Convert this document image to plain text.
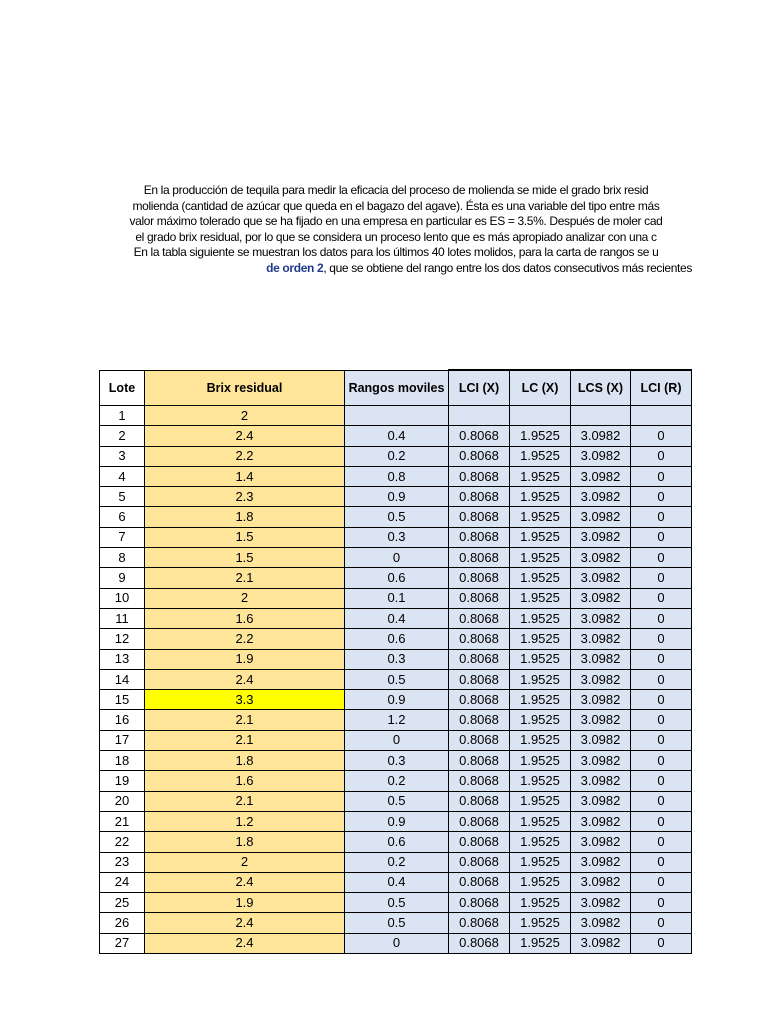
En la producción de tequila para medir la eficacia del proceso de molienda se mide el grado brix resid
molienda (cantidad de azúcar que queda en el bagazo del agave). Ésta es una variable del tipo entre más
valor máximo tolerado que se ha fijado en una empresa en particular es ES = 3.5%. Después de moler cad
el grado brix residual, por lo que se considera un proceso lento que es más apropiado analizar con una c
En la tabla siguiente se muestran los datos para los últimos 40 lotes molidos, para la carta de rangos se u
de orden 2, que se obtiene del rango entre los dos datos consecutivos más recientes
Lote	Brix residual	Rangos moviles	LCI (X)	LC (X)	LCS (X)	LCI (R)
1	2					
2	2.4	0.4	0.8068	1.9525	3.0982	0
3	2.2	0.2	0.8068	1.9525	3.0982	0
4	1.4	0.8	0.8068	1.9525	3.0982	0
5	2.3	0.9	0.8068	1.9525	3.0982	0
6	1.8	0.5	0.8068	1.9525	3.0982	0
7	1.5	0.3	0.8068	1.9525	3.0982	0
8	1.5	0	0.8068	1.9525	3.0982	0
9	2.1	0.6	0.8068	1.9525	3.0982	0
10	2	0.1	0.8068	1.9525	3.0982	0
11	1.6	0.4	0.8068	1.9525	3.0982	0
12	2.2	0.6	0.8068	1.9525	3.0982	0
13	1.9	0.3	0.8068	1.9525	3.0982	0
14	2.4	0.5	0.8068	1.9525	3.0982	0
15	3.3	0.9	0.8068	1.9525	3.0982	0
16	2.1	1.2	0.8068	1.9525	3.0982	0
17	2.1	0	0.8068	1.9525	3.0982	0
18	1.8	0.3	0.8068	1.9525	3.0982	0
19	1.6	0.2	0.8068	1.9525	3.0982	0
20	2.1	0.5	0.8068	1.9525	3.0982	0
21	1.2	0.9	0.8068	1.9525	3.0982	0
22	1.8	0.6	0.8068	1.9525	3.0982	0
23	2	0.2	0.8068	1.9525	3.0982	0
24	2.4	0.4	0.8068	1.9525	3.0982	0
25	1.9	0.5	0.8068	1.9525	3.0982	0
26	2.4	0.5	0.8068	1.9525	3.0982	0
27	2.4	0	0.8068	1.9525	3.0982	0
